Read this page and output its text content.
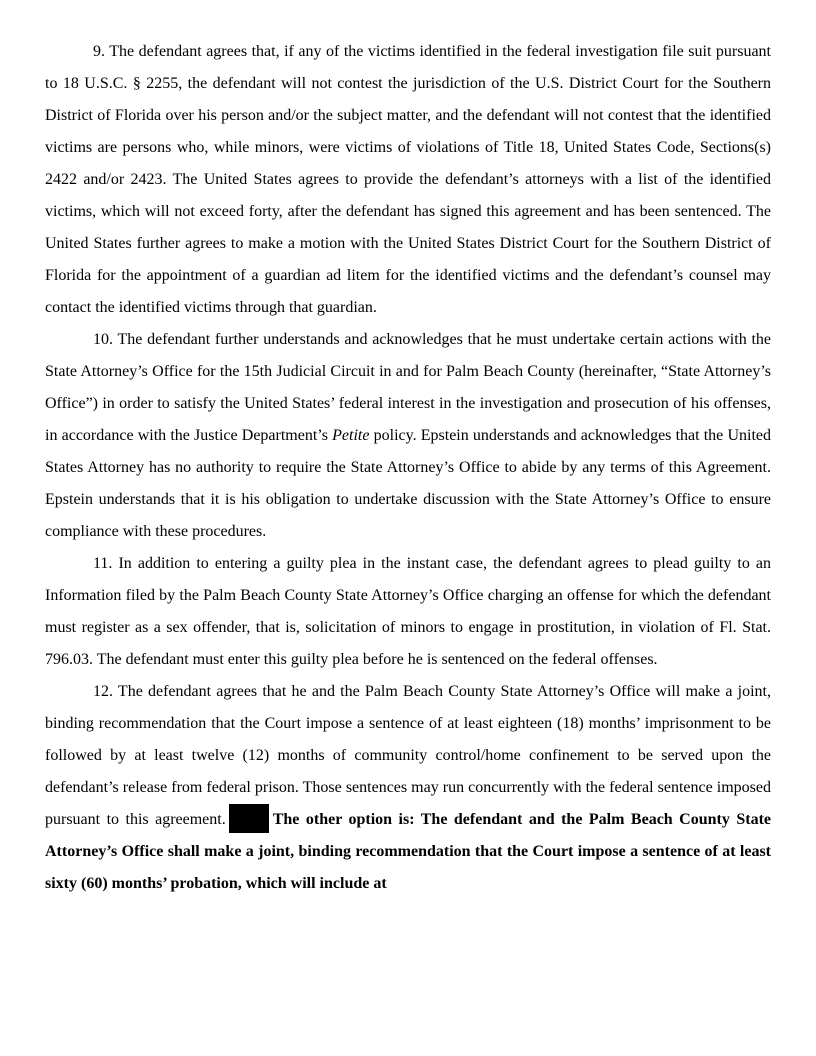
9. The defendant agrees that, if any of the victims identified in the federal investigation file suit pursuant to 18 U.S.C. § 2255, the defendant will not contest the jurisdiction of the U.S. District Court for the Southern District of Florida over his person and/or the subject matter, and the defendant will not contest that the identified victims are persons who, while minors, were victims of violations of Title 18, United States Code, Sections(s) 2422 and/or 2423. The United States agrees to provide the defendant’s attorneys with a list of the identified victims, which will not exceed forty, after the defendant has signed this agreement and has been sentenced. The United States further agrees to make a motion with the United States District Court for the Southern District of Florida for the appointment of a guardian ad litem for the identified victims and the defendant’s counsel may contact the identified victims through that guardian.

10. The defendant further understands and acknowledges that he must undertake certain actions with the State Attorney’s Office for the 15th Judicial Circuit in and for Palm Beach County (hereinafter, “State Attorney’s Office”) in order to satisfy the United States’ federal interest in the investigation and prosecution of his offenses, in accordance with the Justice Department’s Petite policy. Epstein understands and acknowledges that the United States Attorney has no authority to require the State Attorney’s Office to abide by any terms of this Agreement. Epstein understands that it is his obligation to undertake discussion with the State Attorney’s Office to ensure compliance with these procedures.

11. In addition to entering a guilty plea in the instant case, the defendant agrees to plead guilty to an Information filed by the Palm Beach County State Attorney’s Office charging an offense for which the defendant must register as a sex offender, that is, solicitation of minors to engage in prostitution, in violation of Fl. Stat. 796.03. The defendant must enter this guilty plea before he is sentenced on the federal offenses.

12. The defendant agrees that he and the Palm Beach County State Attorney’s Office will make a joint, binding recommendation that the Court impose a sentence of at least eighteen (18) months’ imprisonment to be followed by at least twelve (12) months of community control/home confinement to be served upon the defendant’s release from federal prison. Those sentences may run concurrently with the federal sentence imposed pursuant to this agreement.	The other option is: The defendant and the Palm Beach County State Attorney’s Office shall make a joint, binding recommendation that the Court impose a sentence of at least sixty (60) months’ probation, which will include at
